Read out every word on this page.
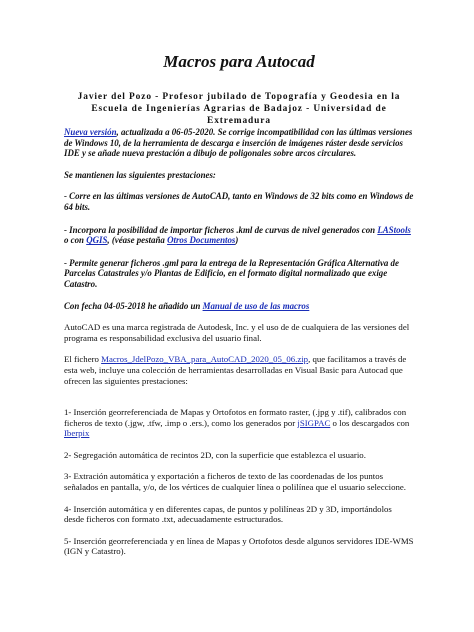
Macros para Autocad

Javier del Pozo - Profesor jubilado de Topografía y Geodesia en la Escuela de Ingenierías Agrarias de Badajoz - Universidad de Extremadura

Nueva versión, actualizada a 06-05-2020. Se corrige incompatibilidad con las últimas versiones de Windows 10, de la herramienta de descarga e inserción de imágenes ráster desde servicios IDE y se añade nueva prestación a dibujo de poligonales sobre arcos circulares.

Se mantienen las siguientes prestaciones:

- Corre en las últimas versiones de AutoCAD, tanto en Windows de 32 bits como en Windows de 64 bits.

- Incorpora la posibilidad de importar ficheros .kml de curvas de nivel generados con LAStools o con QGIS, (véase pestaña Otros Documentos)

- Permite generar ficheros .gml para la entrega de la Representación Gráfica Alternativa de Parcelas Catastrales y/o Plantas de Edificio, en el formato digital normalizado que exige Catastro.

Con fecha 04-05-2018 he añadido un Manual de uso de las macros

AutoCAD es una marca registrada de Autodesk, Inc. y el uso de de cualquiera de las versiones del programa es responsabilidad exclusiva del usuario final.

El fichero Macros_JdelPozo_VBA_para_AutoCAD_2020_05_06.zip, que facilitamos a través de esta web, incluye una colección de herramientas desarrolladas en Visual Basic para Autocad que ofrecen las siguientes prestaciones:

1- Inserción georreferenciada de Mapas y Ortofotos en formato raster, (.jpg y .tif), calibrados con ficheros de texto (.jgw, .tfw, .imp o .ers.), como los generados por jSIGPAC o los descargados con Iberpix

2- Segregación automática de recintos 2D, con la superficie que establezca el usuario.

3- Extración automática y exportación a ficheros de texto de las coordenadas de los puntos señalados en pantalla, y/o, de los vértices de cualquier línea o polilínea que el usuario seleccione.

4- Inserción automática y en diferentes capas, de puntos y polilíneas 2D y 3D, importándolos desde ficheros con formato .txt, adecuadamente estructurados.

5- Inserción georreferenciada y en línea de Mapas y Ortofotos desde algunos servidores IDE-WMS (IGN y Catastro).
